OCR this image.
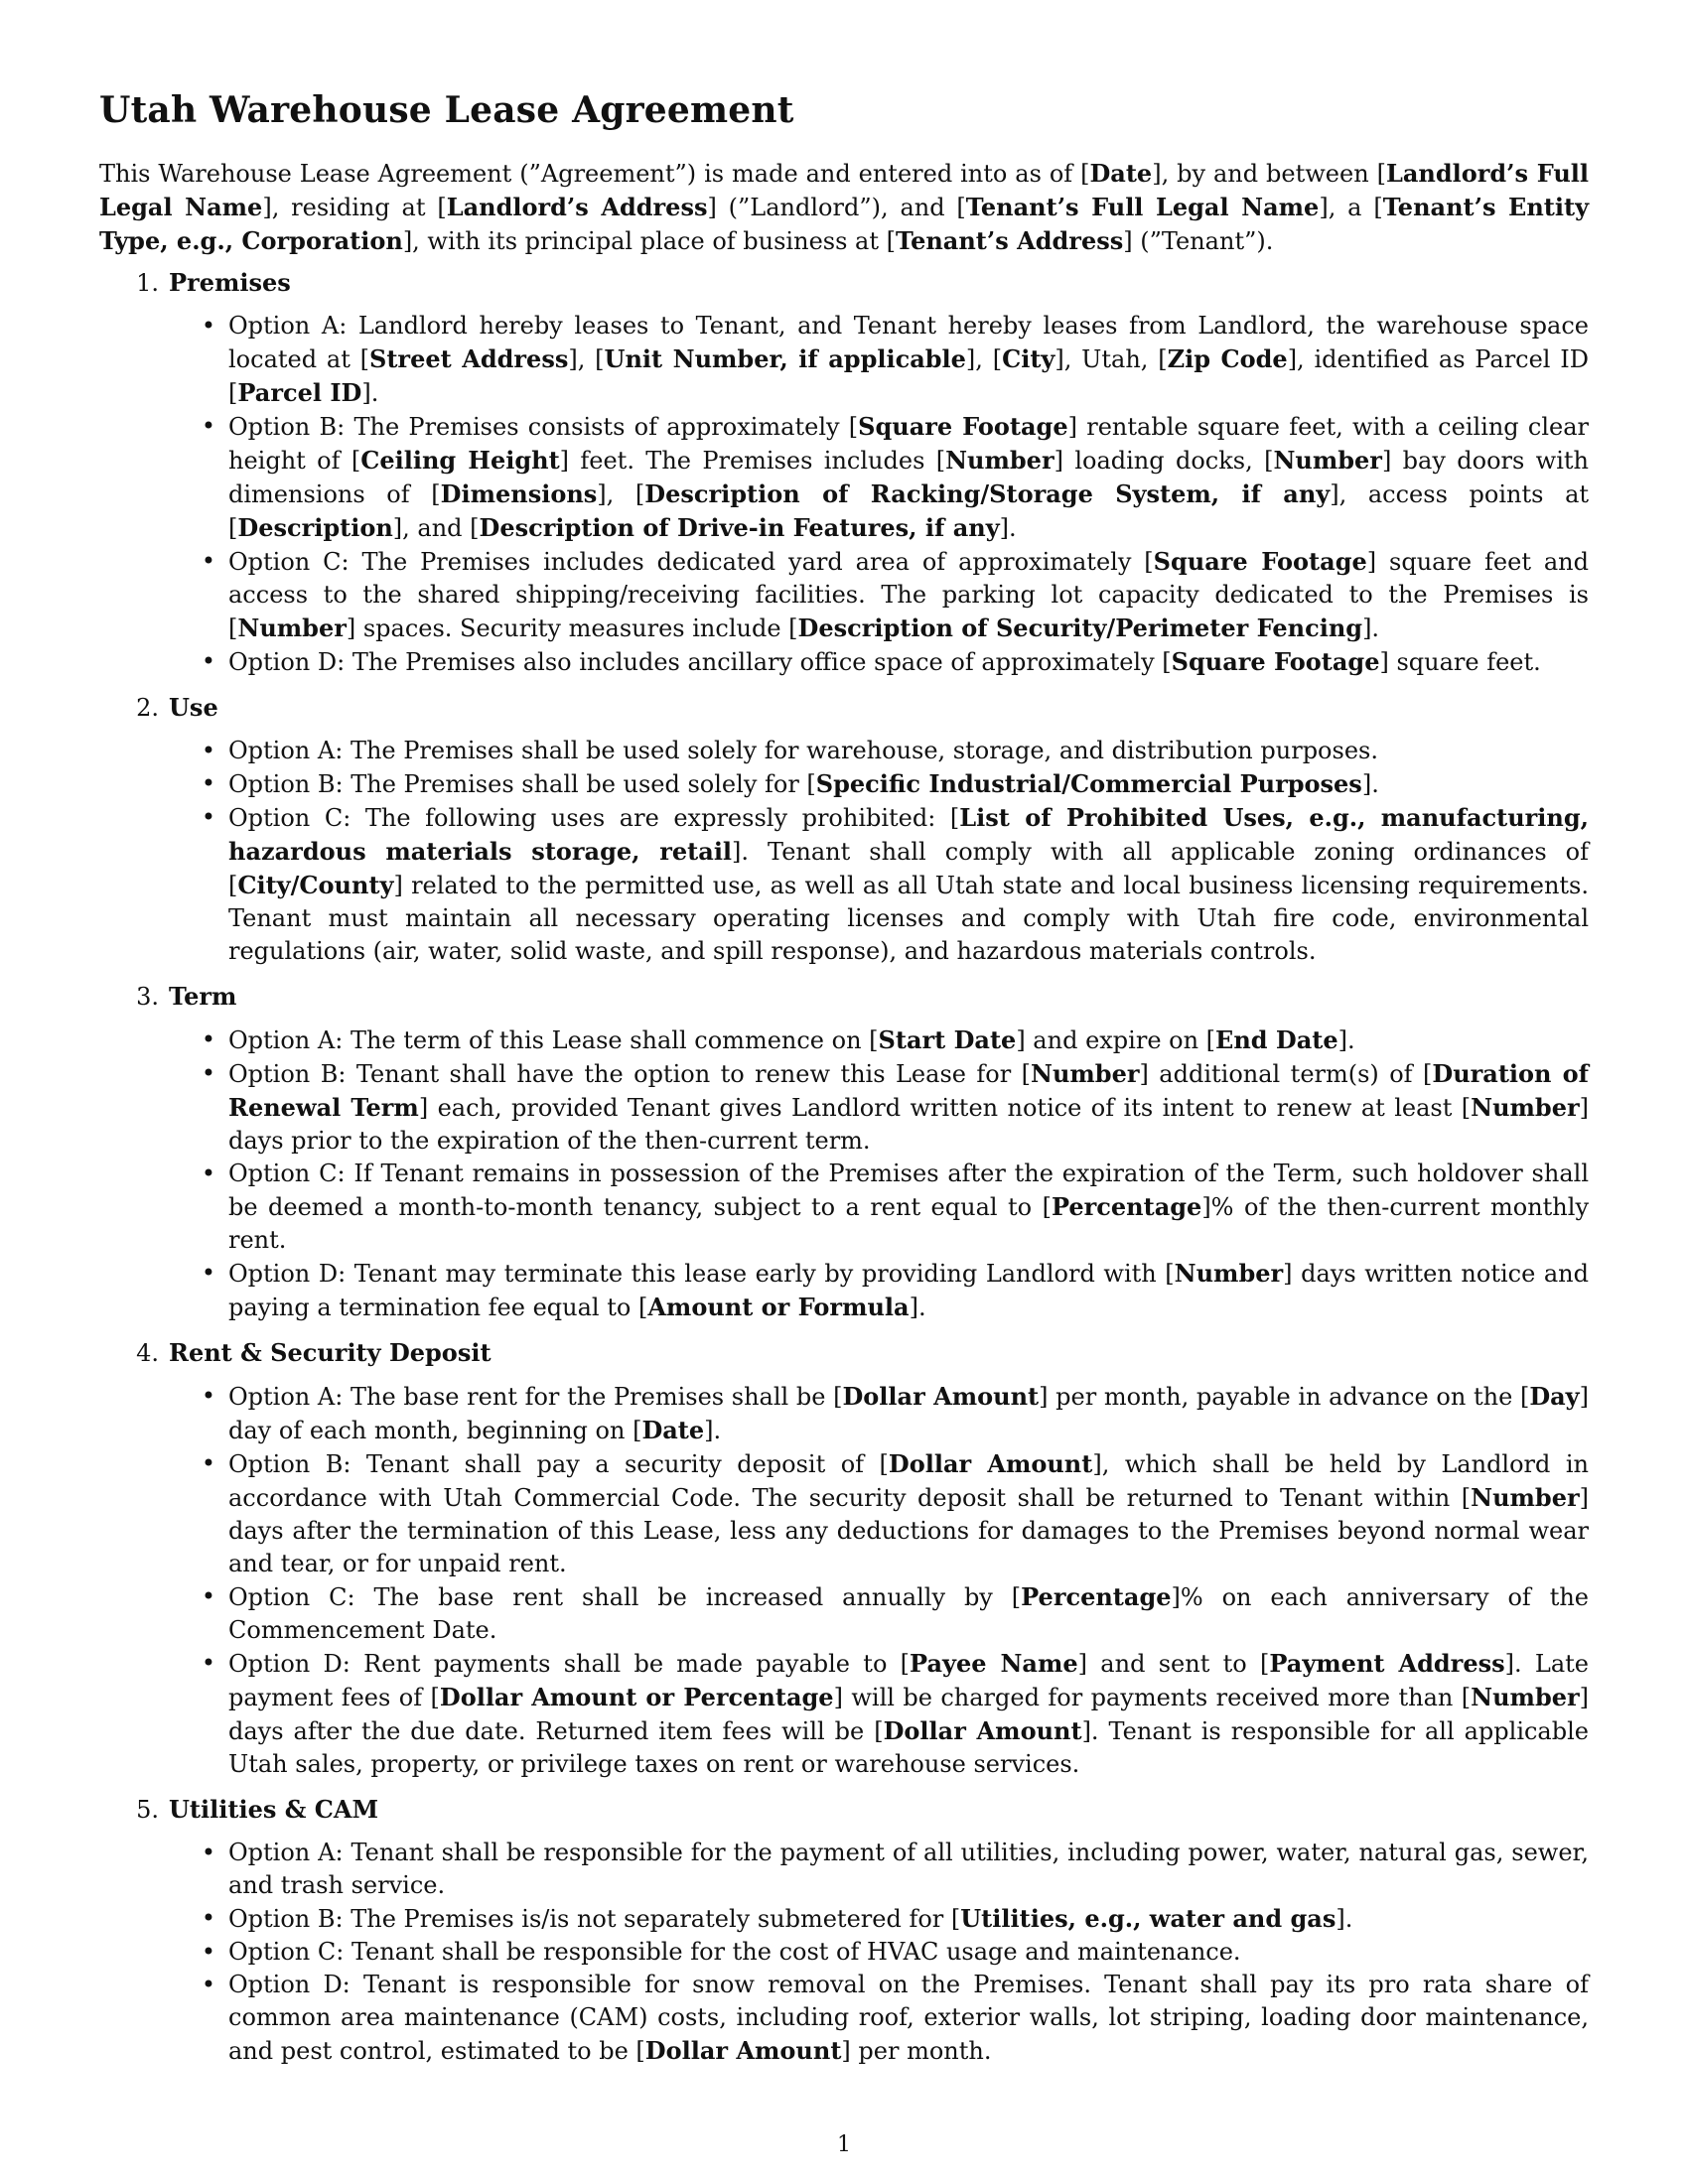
Utah Warehouse Lease Agreement

This Warehouse Lease Agreement (”Agreement”) is made and entered into as of [Date], by and between [Landlord’s Full Legal Name], residing at [Landlord’s Address] (”Landlord”), and [Tenant’s Full Legal Name], a [Tenant’s Entity Type, e.g., Corporation], with its principal place of business at [Tenant’s Address] (”Tenant”).

1. Premises
• Option A: Landlord hereby leases to Tenant, and Tenant hereby leases from Landlord, the warehouse space located at [Street Address], [Unit Number, if applicable], [City], Utah, [Zip Code], identified as Parcel ID [Parcel ID].
• Option B: The Premises consists of approximately [Square Footage] rentable square feet, with a ceiling clear height of [Ceiling Height] feet. The Premises includes [Number] loading docks, [Number] bay doors with dimensions of [Dimensions], [Description of Racking/Storage System, if any], access points at [Description], and [Description of Drive-in Features, if any].
• Option C: The Premises includes dedicated yard area of approximately [Square Footage] square feet and access to the shared shipping/receiving facilities. The parking lot capacity dedicated to the Premises is [Number] spaces. Security measures include [Description of Security/Perimeter Fencing].
• Option D: The Premises also includes ancillary office space of approximately [Square Footage] square feet.
2. Use
• Option A: The Premises shall be used solely for warehouse, storage, and distribution purposes.
• Option B: The Premises shall be used solely for [Specific Industrial/Commercial Purposes].
• Option C: The following uses are expressly prohibited: [List of Prohibited Uses, e.g., manufacturing, hazardous materials storage, retail]. Tenant shall comply with all applicable zoning ordinances of [City/County] related to the permitted use, as well as all Utah state and local business licensing requirements. Tenant must maintain all necessary operating licenses and comply with Utah fire code, environmental regulations (air, water, solid waste, and spill response), and hazardous materials controls.
3. Term
• Option A: The term of this Lease shall commence on [Start Date] and expire on [End Date].
• Option B: Tenant shall have the option to renew this Lease for [Number] additional term(s) of [Duration of Renewal Term] each, provided Tenant gives Landlord written notice of its intent to renew at least [Number] days prior to the expiration of the then-current term.
• Option C: If Tenant remains in possession of the Premises after the expiration of the Term, such holdover shall be deemed a month-to-month tenancy, subject to a rent equal to [Percentage]% of the then-current monthly rent.
• Option D: Tenant may terminate this lease early by providing Landlord with [Number] days written notice and paying a termination fee equal to [Amount or Formula].
4. Rent & Security Deposit
• Option A: The base rent for the Premises shall be [Dollar Amount] per month, payable in advance on the [Day] day of each month, beginning on [Date].
• Option B: Tenant shall pay a security deposit of [Dollar Amount], which shall be held by Landlord in accordance with Utah Commercial Code. The security deposit shall be returned to Tenant within [Number] days after the termination of this Lease, less any deductions for damages to the Premises beyond normal wear and tear, or for unpaid rent.
• Option C: The base rent shall be increased annually by [Percentage]% on each anniversary of the Commencement Date.
• Option D: Rent payments shall be made payable to [Payee Name] and sent to [Payment Address]. Late payment fees of [Dollar Amount or Percentage] will be charged for payments received more than [Number] days after the due date. Returned item fees will be [Dollar Amount]. Tenant is responsible for all applicable Utah sales, property, or privilege taxes on rent or warehouse services.
5. Utilities & CAM
• Option A: Tenant shall be responsible for the payment of all utilities, including power, water, natural gas, sewer, and trash service.
• Option B: The Premises is/is not separately submetered for [Utilities, e.g., water and gas].
• Option C: Tenant shall be responsible for the cost of HVAC usage and maintenance.
• Option D: Tenant is responsible for snow removal on the Premises. Tenant shall pay its pro rata share of common area maintenance (CAM) costs, including roof, exterior walls, lot striping, loading door maintenance, and pest control, estimated to be [Dollar Amount] per month.
1
